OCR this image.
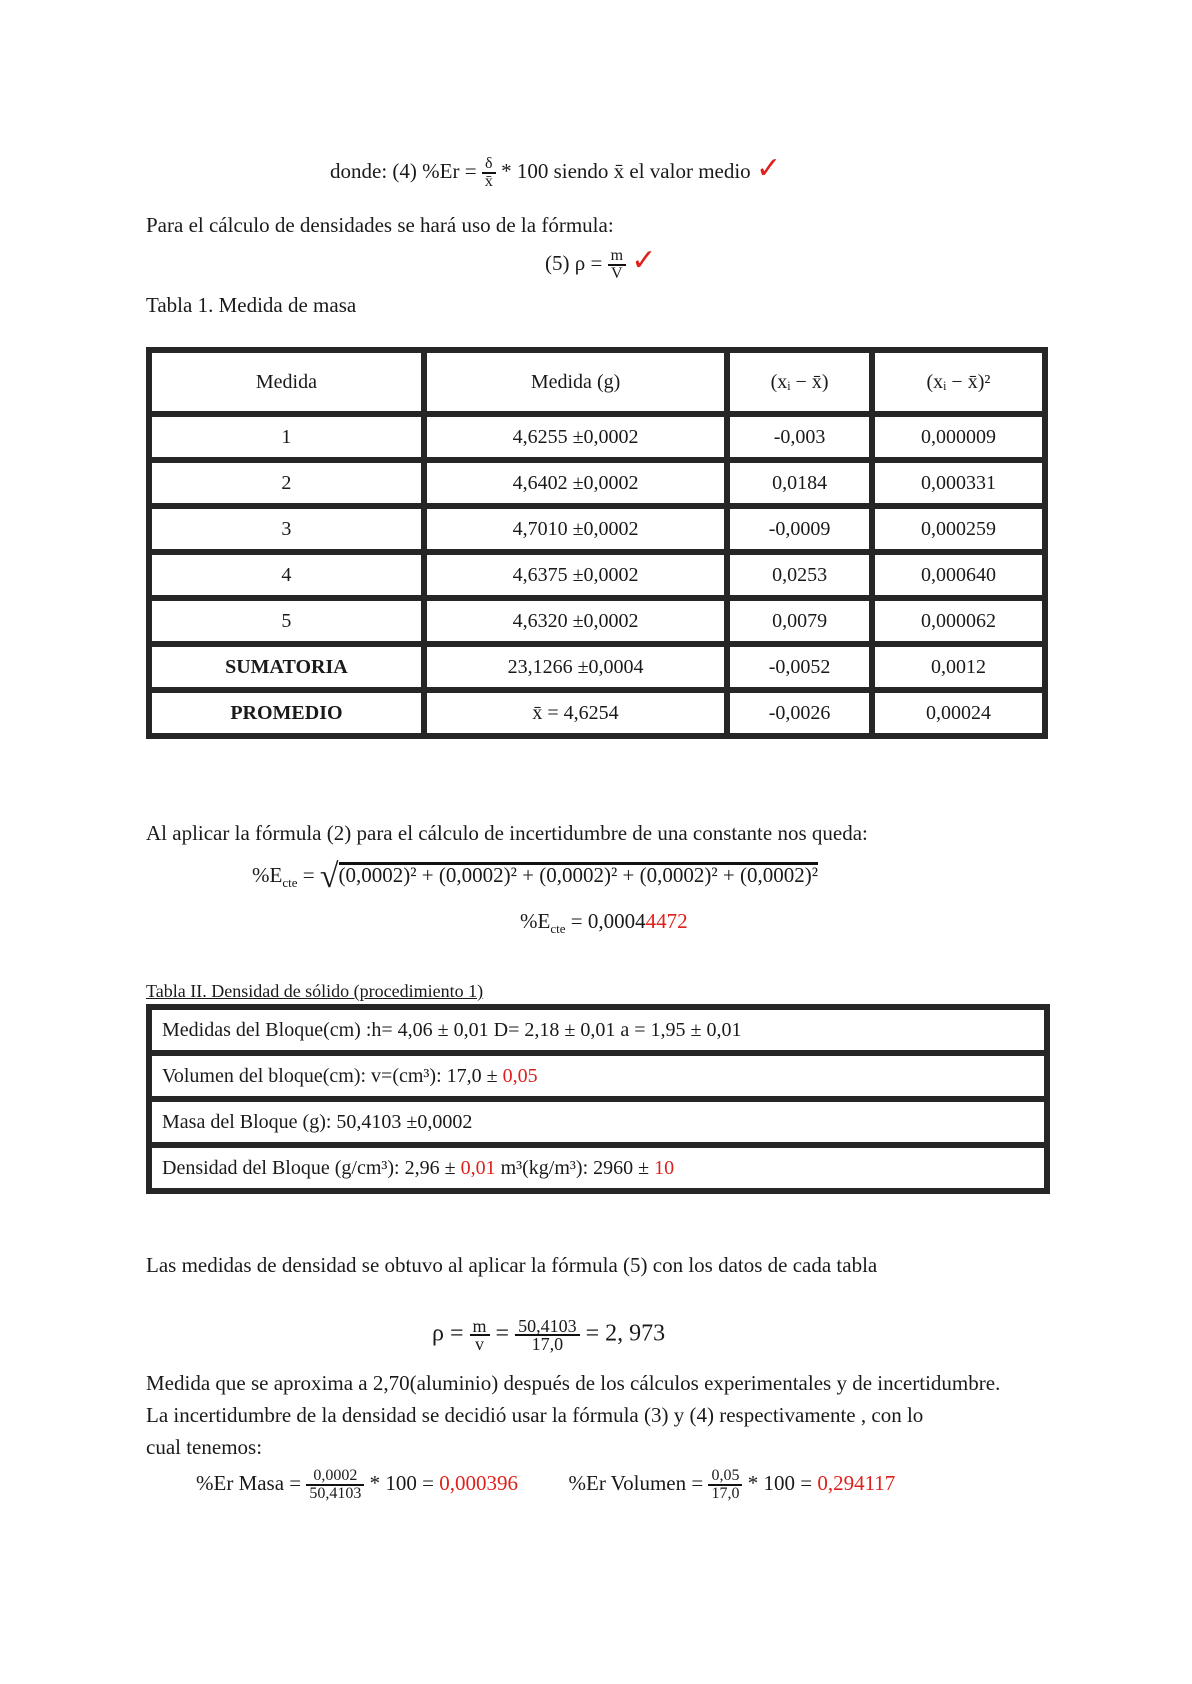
donde: (4) $\%Er = \frac{\delta}{x̄} * 100$ siendo x̄ el valor medio ✓
Para el cálculo de densidades se hará uso de la fórmula:
(5) $\rho = \frac{m}{V}$ ✓
Tabla 1. Medida de masa
Medida	Medida (g)	(xᵢ − x̄)	(xᵢ − x̄)²
1	4,6255 ±0,0002	-0,003	0,000009
2	4,6402 ±0,0002	0,0184	0,000331
3	4,7010 ±0,0002	-0,0009	0,000259
4	4,6375 ±0,0002	0,0253	0,000640
5	4,6320 ±0,0002	0,0079	0,000062
SUMATORIA	23,1266 ±0,0004	-0,0052	0,0012
PROMEDIO	x̄ = 4,6254	-0,0026	0,00024
Al aplicar la fórmula (2) para el cálculo de incertidumbre de una constante nos queda:
$\%E_{cte} = √(0,0002)^2 + (0,0002)^2 + (0,0002)^2 + (0,0002)^2 + (0,0002)^2$
$\%E_{cte} = 0,00044472$
Tabla II. Densidad de sólido (procedimiento 1)
Medidas del Bloque(cm) :h= 4,06 ± 0,01 D= 2,18 ± 0,01 a = 1,95 ± 0,01
Volumen del bloque(cm): v=(cm³): 17,0 ± 0,05
Masa del Bloque (g): 50,4103 ±0,0002
Densidad del Bloque (g/cm³): 2,96 ± 0,01 m³(kg/m³): 2960 ± 10
Las medidas de densidad se obtuvo al aplicar la fórmula (5) con los datos de cada tabla
$\rho = \frac{m}{v} = \frac{50,4103}{17,0} = 2$, 973
Medida que se aproxima a 2,70(aluminio) después de los cálculos experimentales y de incertidumbre.
La incertidumbre de la densidad se decidió usar la fórmula (3) y (4) respectivamente , con lo
cual tenemos:
%Er Masa = $\frac{0,0002}{50,4103} * 100 = 0,000396$ %Er Volumen = $\frac{0,05}{17,0} * 100 = 0,294117$
